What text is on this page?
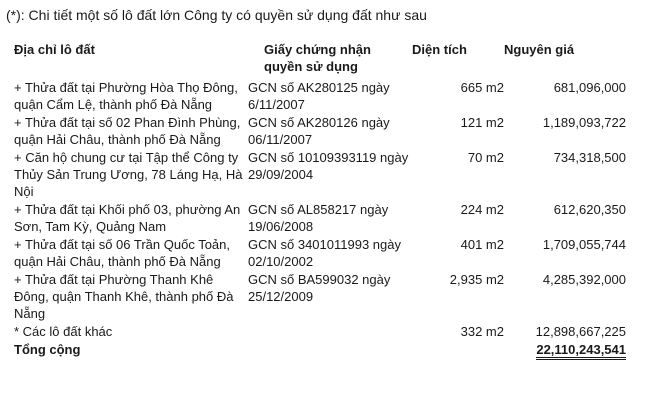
(*): Chi tiết một số lô đất lớn Công ty có quyền sử dụng đất như sau
Địa chỉ lô đất	Giấy chứng nhận quyền sử dụng	Diện tích	Nguyên giá
+ Thửa đất tại Phường Hòa Thọ Đông, quận Cẩm Lệ, thành phố Đà Nẵng	GCN số AK280125 ngày 6/11/2007	665 m2	681,096,000
+ Thửa đất tại số 02 Phan Đình Phùng, quận Hải Châu, thành phố Đà Nẵng	GCN số AK280126 ngày 06/11/2007	121 m2	1,189,093,722
+ Căn hộ chung cư tại Tập thể Công ty Thủy Sản Trung Ương, 78 Láng Hạ, Hà Nội	GCN số 10109393119 ngày 29/09/2004	70 m2	734,318,500
+ Thửa đất tại Khối phố 03, phường An Sơn, Tam Kỳ, Quảng Nam	GCN số AL858217 ngày 19/06/2008	224 m2	612,620,350
+ Thửa đất tại số 06 Trần Quốc Toản, quận Hải Châu, thành phố Đà Nẵng	GCN số 3401011993 ngày 02/10/2002	401 m2	1,709,055,744
+ Thửa đất tại Phường Thanh Khê Đông, quận Thanh Khê, thành phố Đà Nẵng	GCN số BA599032 ngày 25/12/2009	2,935 m2	4,285,392,000
* Các lô đất khác		332 m2	12,898,667,225
Tổng cộng			22,110,243,541
